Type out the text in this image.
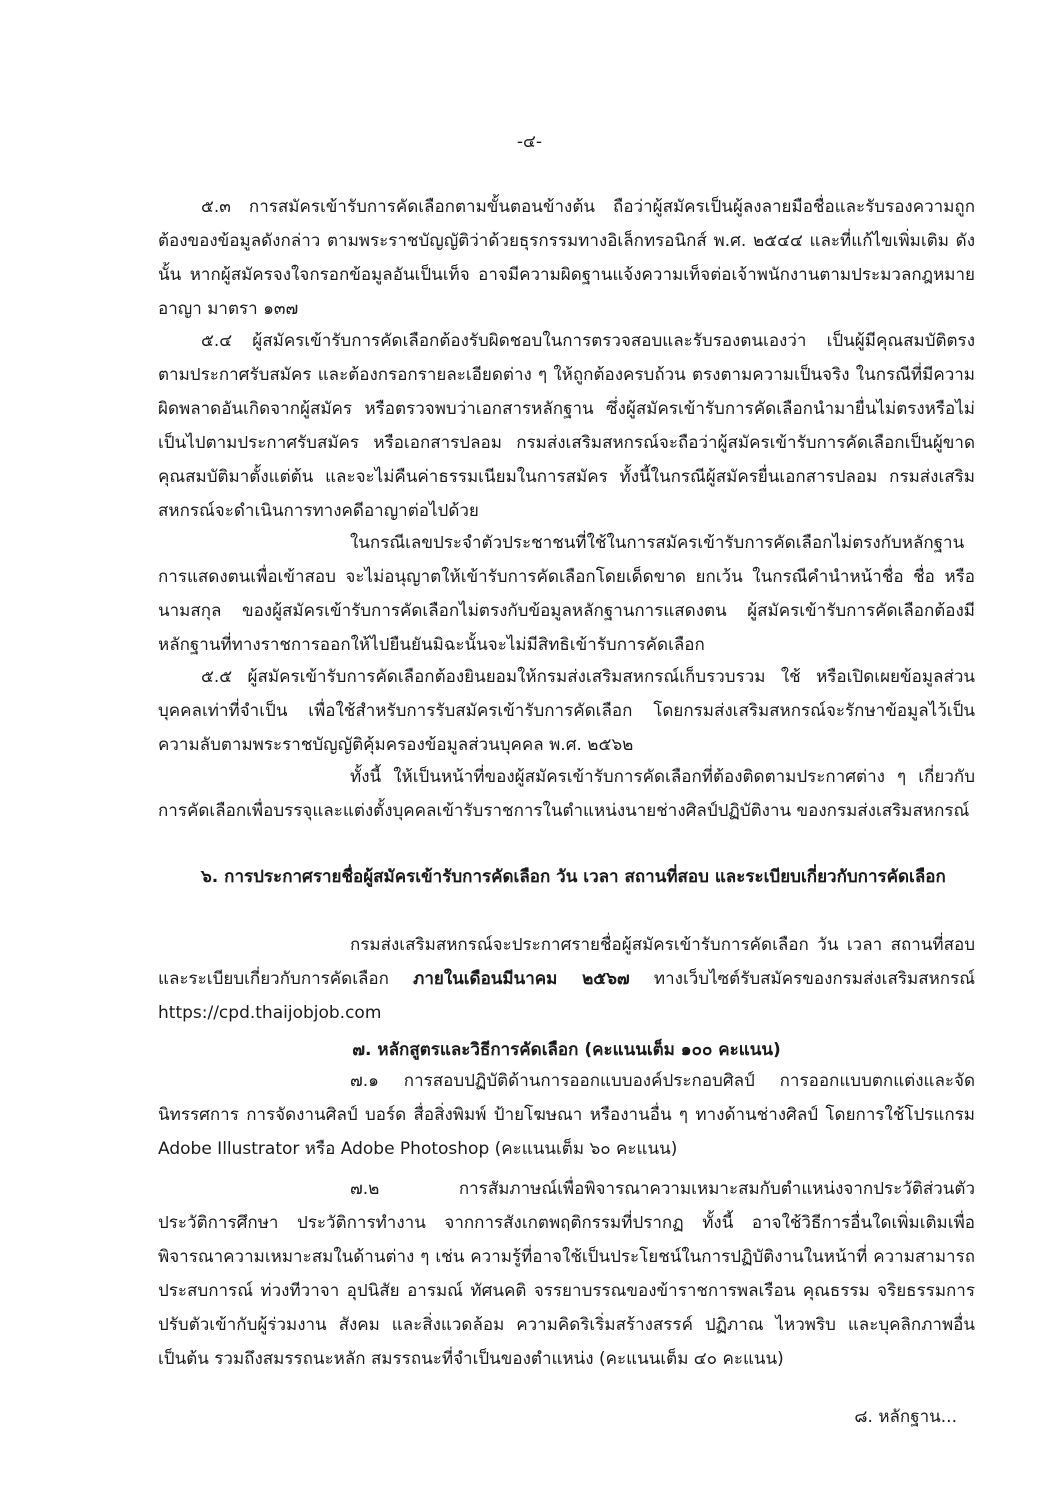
-๔-

๕.๓ การสมัครเข้ารับการคัดเลือกตามขั้นตอนข้างต้น ถือว่าผู้สมัครเป็นผู้ลงลายมือชื่อและรับรองความถูกต้องของข้อมูลดังกล่าว ตามพระราชบัญญัติว่าด้วยธุรกรรมทางอิเล็กทรอนิกส์ พ.ศ. ๒๕๔๔ และที่แก้ไขเพิ่มเติม ดังนั้น หากผู้สมัครจงใจกรอกข้อมูลอันเป็นเท็จ อาจมีความผิดฐานแจ้งความเท็จต่อเจ้าพนักงานตามประมวลกฎหมายอาญา มาตรา ๑๓๗

๕.๔ ผู้สมัครเข้ารับการคัดเลือกต้องรับผิดชอบในการตรวจสอบและรับรองตนเองว่า เป็นผู้มีคุณสมบัติตรงตามประกาศรับสมัคร และต้องกรอกรายละเอียดต่าง ๆ ให้ถูกต้องครบถ้วน ตรงตามความเป็นจริง ในกรณีที่มีความผิดพลาดอันเกิดจากผู้สมัคร หรือตรวจพบว่าเอกสารหลักฐาน ซึ่งผู้สมัครเข้ารับการคัดเลือกนำมายื่นไม่ตรงหรือไม่เป็นไปตามประกาศรับสมัคร หรือเอกสารปลอม กรมส่งเสริมสหกรณ์จะถือว่าผู้สมัครเข้ารับการคัดเลือกเป็นผู้ขาดคุณสมบัติมาตั้งแต่ต้น และจะไม่คืนค่าธรรมเนียมในการสมัคร ทั้งนี้ในกรณีผู้สมัครยื่นเอกสารปลอม กรมส่งเสริมสหกรณ์จะดำเนินการทางคดีอาญาต่อไปด้วย

ในกรณีเลขประจำตัวประชาชนที่ใช้ในการสมัครเข้ารับการคัดเลือกไม่ตรงกับหลักฐานการแสดงตนเพื่อเข้าสอบ จะไม่อนุญาตให้เข้ารับการคัดเลือกโดยเด็ดขาด ยกเว้น ในกรณีคำนำหน้าชื่อ ชื่อ หรือนามสกุล ของผู้สมัครเข้ารับการคัดเลือกไม่ตรงกับข้อมูลหลักฐานการแสดงตน ผู้สมัครเข้ารับการคัดเลือกต้องมีหลักฐานที่ทางราชการออกให้ไปยืนยันมิฉะนั้นจะไม่มีสิทธิเข้ารับการคัดเลือก

๕.๕ ผู้สมัครเข้ารับการคัดเลือกต้องยินยอมให้กรมส่งเสริมสหกรณ์เก็บรวบรวม ใช้ หรือเปิดเผยข้อมูลส่วนบุคคลเท่าที่จำเป็น เพื่อใช้สำหรับการรับสมัครเข้ารับการคัดเลือก โดยกรมส่งเสริมสหกรณ์จะรักษาข้อมูลไว้เป็นความลับตามพระราชบัญญัติคุ้มครองข้อมูลส่วนบุคคล พ.ศ. ๒๕๖๒

ทั้งนี้ ให้เป็นหน้าที่ของผู้สมัครเข้ารับการคัดเลือกที่ต้องติดตามประกาศต่าง ๆ เกี่ยวกับการคัดเลือกเพื่อบรรจุและแต่งตั้งบุคคลเข้ารับราชการในตำแหน่งนายช่างศิลป์ปฏิบัติงาน ของกรมส่งเสริมสหกรณ์

๖. การประกาศรายชื่อผู้สมัครเข้ารับการคัดเลือก วัน เวลา สถานที่สอบ และระเบียบเกี่ยวกับการคัดเลือก

กรมส่งเสริมสหกรณ์จะประกาศรายชื่อผู้สมัครเข้ารับการคัดเลือก วัน เวลา สถานที่สอบและระเบียบเกี่ยวกับการคัดเลือก ภายในเดือนมีนาคม ๒๕๖๗ ทางเว็บไซต์รับสมัครของกรมส่งเสริมสหกรณ์ https://cpd.thaijobjob.com

๗. หลักสูตรและวิธีการคัดเลือก (คะแนนเต็ม ๑๐๐ คะแนน)

๗.๑ การสอบปฏิบัติด้านการออกแบบองค์ประกอบศิลป์ การออกแบบตกแต่งและจัดนิทรรศการ การจัดงานศิลป์ บอร์ด สื่อสิ่งพิมพ์ ป้ายโฆษณา หรืองานอื่น ๆ ทางด้านช่างศิลป์ โดยการใช้โปรแกรม Adobe Illustrator หรือ Adobe Photoshop (คะแนนเต็ม ๖๐ คะแนน)

๗.๒ การสัมภาษณ์เพื่อพิจารณาความเหมาะสมกับตำแหน่งจากประวัติส่วนตัว ประวัติการศึกษา ประวัติการทำงาน จากการสังเกตพฤติกรรมที่ปรากฏ ทั้งนี้ อาจใช้วิธีการอื่นใดเพิ่มเติมเพื่อพิจารณาความเหมาะสมในด้านต่าง ๆ เช่น ความรู้ที่อาจใช้เป็นประโยชน์ในการปฏิบัติงานในหน้าที่ ความสามารถประสบการณ์ ท่วงทีวาจา อุปนิสัย อารมณ์ ทัศนคติ จรรยาบรรณของข้าราชการพลเรือน คุณธรรม จริยธรรมการปรับตัวเข้ากับผู้ร่วมงาน สังคม และสิ่งแวดล้อม ความคิดริเริ่มสร้างสรรค์ ปฏิภาณ ไหวพริบ และบุคลิกภาพอื่น เป็นต้น รวมถึงสมรรถนะหลัก สมรรถนะที่จำเป็นของตำแหน่ง (คะแนนเต็ม ๔๐ คะแนน)

๘. หลักฐาน...
